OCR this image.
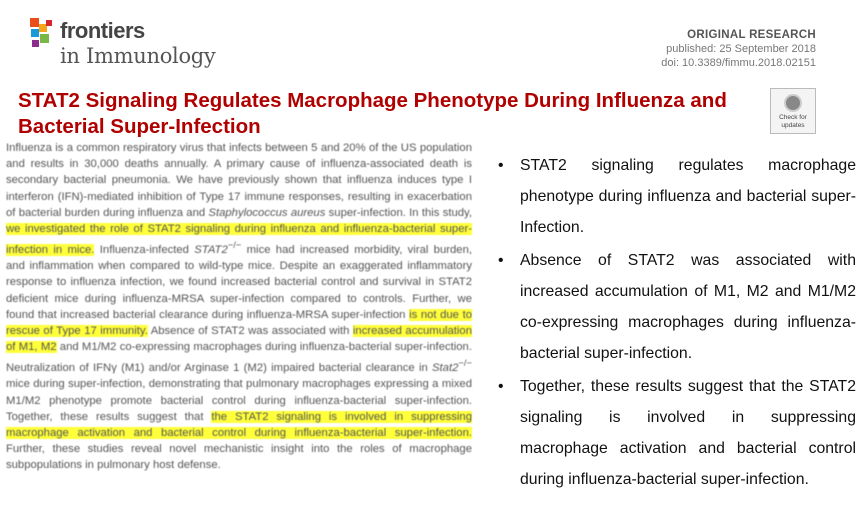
frontiers
in Immunology
ORIGINAL RESEARCH
published: 25 September 2018
doi: 10.3389/fimmu.2018.02151
STAT2 Signaling Regulates Macrophage Phenotype During Influenza and Bacterial Super-Infection	Check for updates
Influenza is a common respiratory virus that infects between 5 and 20% of the US population and results in 30,000 deaths annually. A primary cause of influenza-associated death is secondary bacterial pneumonia. We have previously shown that influenza induces type I interferon (IFN)-mediated inhibition of Type 17 immune responses, resulting in exacerbation of bacterial burden during influenza and Staphylococcus aureus super-infection. In this study, we investigated the role of STAT2 signaling during influenza and influenza-bacterial super-infection in mice. Influenza-infected STAT2−/− mice had increased morbidity, viral burden, and inflammation when compared to wild-type mice. Despite an exaggerated inflammatory response to influenza infection, we found increased bacterial control and survival in STAT2 deficient mice during influenza-MRSA super-infection compared to controls. Further, we found that increased bacterial clearance during influenza-MRSA super-infection is not due to rescue of Type 17 immunity. Absence of STAT2 was associated with increased accumulation of M1, M2 and M1/M2 co-expressing macrophages during influenza-bacterial super-infection. Neutralization of IFNγ (M1) and/or Arginase 1 (M2) impaired bacterial clearance in Stat2−/− mice during super-infection, demonstrating that pulmonary macrophages expressing a mixed M1/M2 phenotype promote bacterial control during influenza-bacterial super-infection. Together, these results suggest that the STAT2 signaling is involved in suppressing macrophage activation and bacterial control during influenza-bacterial super-infection. Further, these studies reveal novel mechanistic insight into the roles of macrophage subpopulations in pulmonary host defense.
• STAT2 signaling regulates macrophage phenotype during influenza and bacterial super-Infection.
• Absence of STAT2 was associated with increased accumulation of M1, M2 and M1/M2 co-expressing macrophages during influenza-bacterial super-infection.
• Together, these results suggest that the STAT2 signaling is involved in suppressing macrophage activation and bacterial control during influenza-bacterial super-infection.
